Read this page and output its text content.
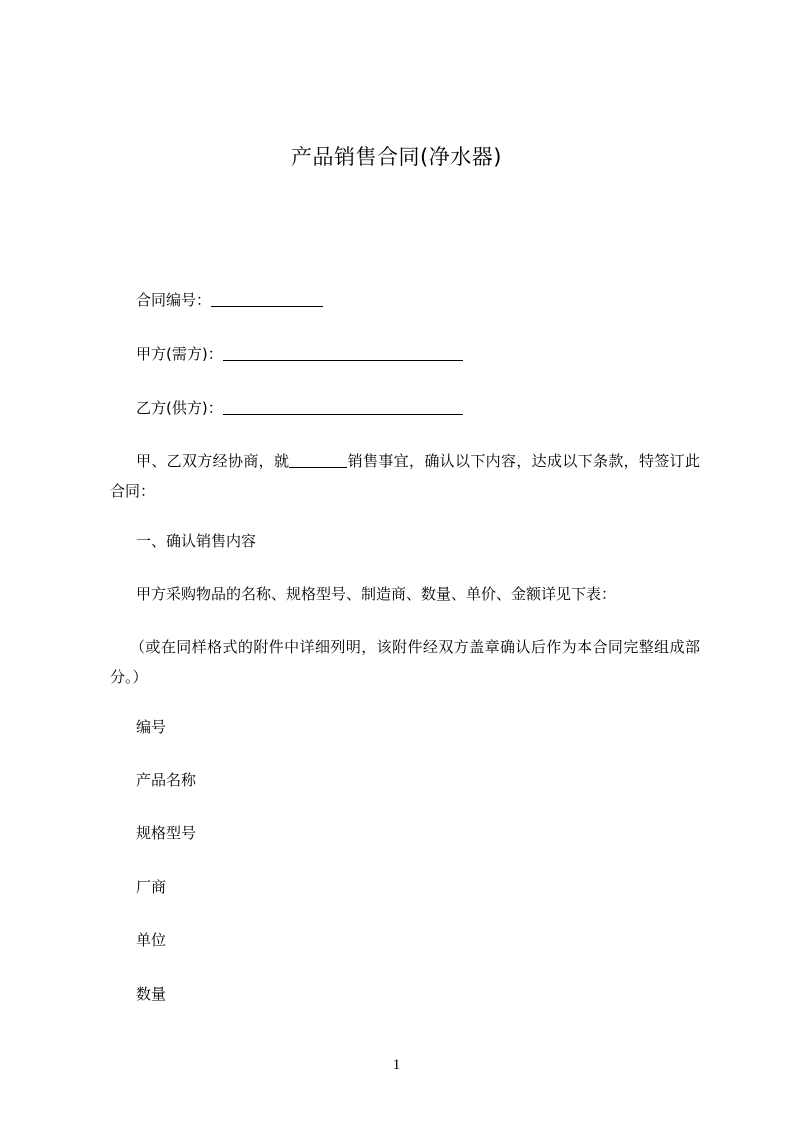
产品销售合同(净水器)
合同编号：
甲方(需方)：
乙方(供方)：
甲、乙双方经协商，就	销售事宜，确认以下内容，达成以下条款，特签订此合同：
一、确认销售内容
甲方采购物品的名称、规格型号、制造商、数量、单价、金额详见下表：
（或在同样格式的附件中详细列明，该附件经双方盖章确认后作为本合同完整组成部分。）
编号
产品名称
规格型号
厂商
单位
数量
1
